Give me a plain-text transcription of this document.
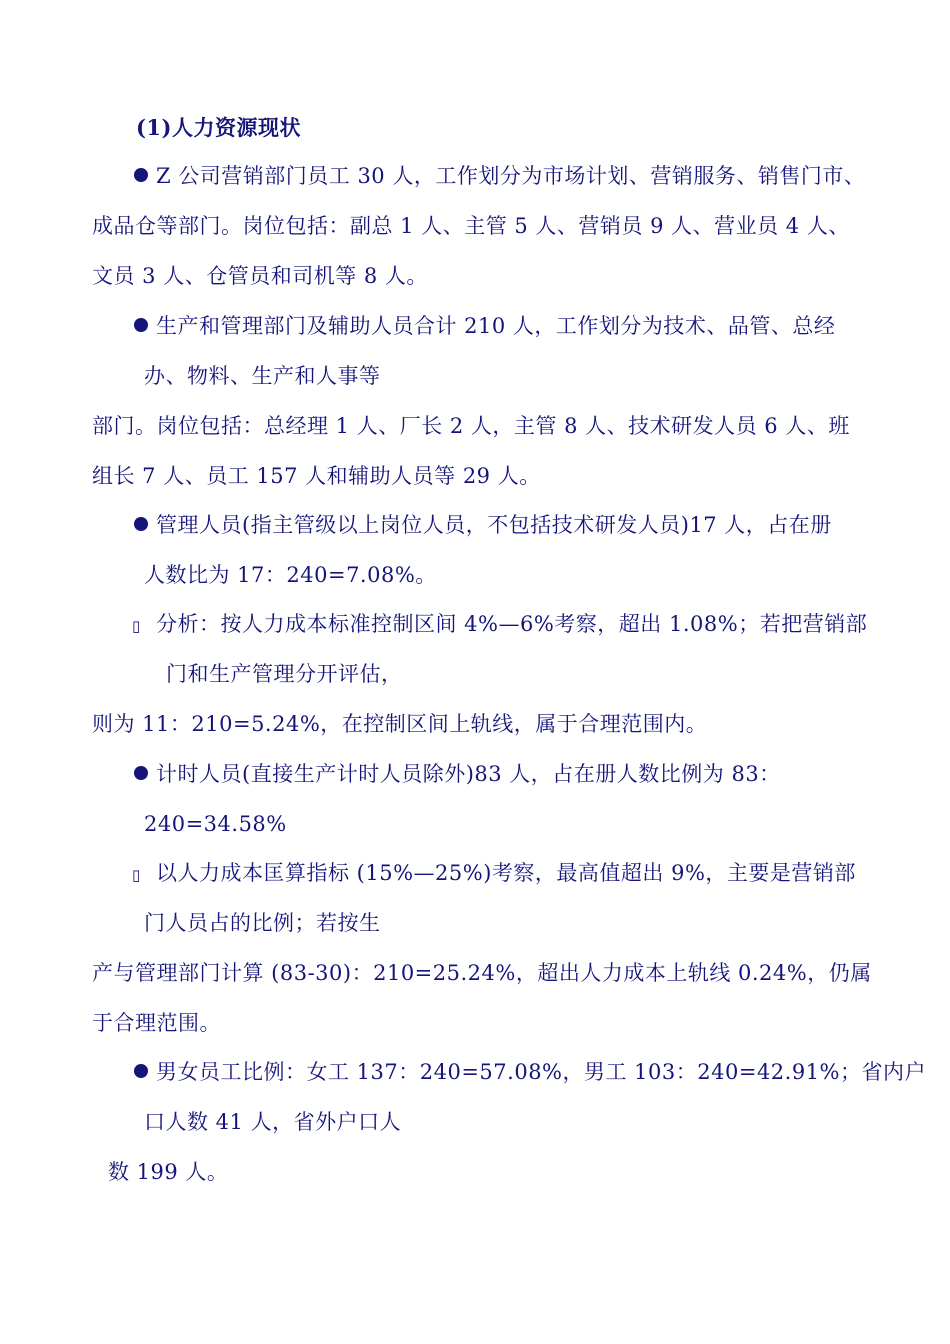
(1)人力资源现状
Z 公司营销部门员工 30 人，工作划分为市场计划、营销服务、销售门市、
成品仓等部门。岗位包括：副总 1 人、主管 5 人、营销员 9 人、营业员 4 人、
文员 3 人、仓管员和司机等 8 人。
生产和管理部门及辅助人员合计 210 人，工作划分为技术、品管、总经
办、物料、生产和人事等
部门。岗位包括：总经理 1 人、厂长 2 人，主管 8 人、技术研发人员 6 人、班
组长 7 人、员工 157 人和辅助人员等 29 人。
管理人员(指主管级以上岗位人员，不包括技术研发人员)17 人，占在册
人数比为 17：240=7.08%。
▯分析：按人力成本标准控制区间 4%—6%考察，超出 1.08%；若把营销部
门和生产管理分开评估，
则为 11：210=5.24%，在控制区间上轨线，属于合理范围内。
计时人员(直接生产计时人员除外)83 人，占在册人数比例为 83：
240=34.58%
▯以人力成本匡算指标 (15%—25%)考察，最高值超出 9%，主要是营销部
门人员占的比例；若按生
产与管理部门计算 (83-30)：210=25.24%，超出人力成本上轨线 0.24%，仍属
于合理范围。
男女员工比例：女工 137：240=57.08%，男工 103：240=42.91%；省内户
口人数 41 人，省外户口人
数 199 人。
